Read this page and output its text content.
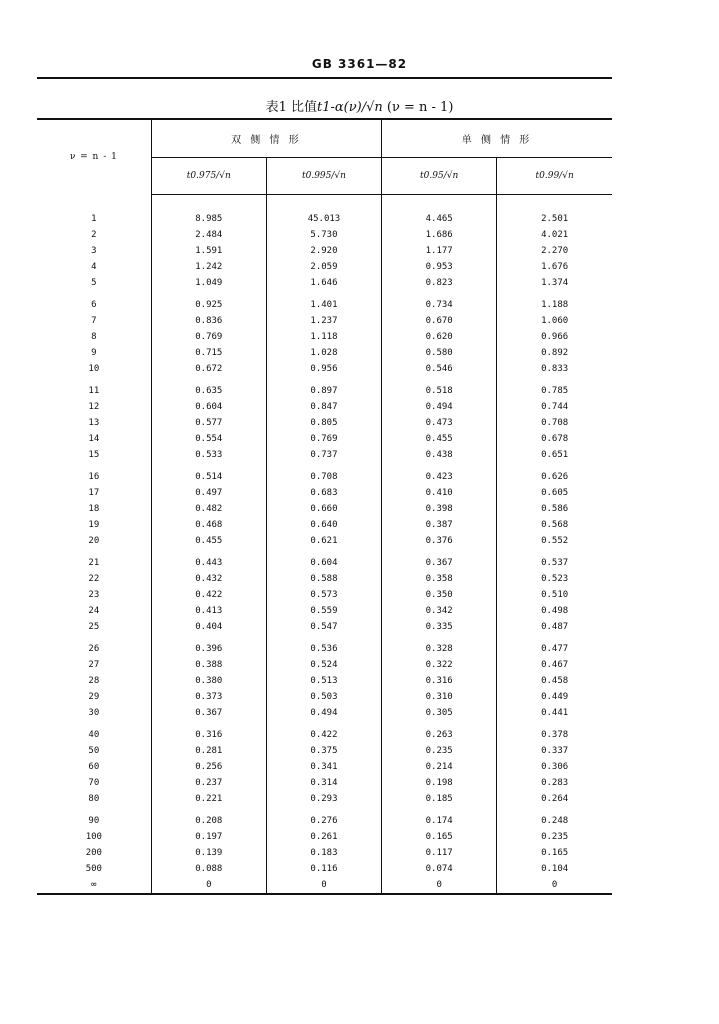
GB 3361—82
表1 比值t1-α(ν)/√n (ν = n - 1)
ν = n - 1	双 侧 情 形		单 侧 情 形	
	t0.975/√n	t0.995/√n	t0.95/√n	t0.99/√n

1	8.985	45.013	4.465	2.501
2	2.484	5.730	1.686	4.021
3	1.591	2.920	1.177	2.270
4	1.242	2.059	0.953	1.676
5	1.049	1.646	0.823	1.374
6	0.925	1.401	0.734	1.188
7	0.836	1.237	0.670	1.060
8	0.769	1.118	0.620	0.966
9	0.715	1.028	0.580	0.892
10	0.672	0.956	0.546	0.833
11	0.635	0.897	0.518	0.785
12	0.604	0.847	0.494	0.744
13	0.577	0.805	0.473	0.708
14	0.554	0.769	0.455	0.678
15	0.533	0.737	0.438	0.651
16	0.514	0.708	0.423	0.626
17	0.497	0.683	0.410	0.605
18	0.482	0.660	0.398	0.586
19	0.468	0.640	0.387	0.568
20	0.455	0.621	0.376	0.552
21	0.443	0.604	0.367	0.537
22	0.432	0.588	0.358	0.523
23	0.422	0.573	0.350	0.510
24	0.413	0.559	0.342	0.498
25	0.404	0.547	0.335	0.487
26	0.396	0.536	0.328	0.477
27	0.388	0.524	0.322	0.467
28	0.380	0.513	0.316	0.458
29	0.373	0.503	0.310	0.449
30	0.367	0.494	0.305	0.441
40	0.316	0.422	0.263	0.378
50	0.281	0.375	0.235	0.337
60	0.256	0.341	0.214	0.306
70	0.237	0.314	0.198	0.283
80	0.221	0.293	0.185	0.264
90	0.208	0.276	0.174	0.248
100	0.197	0.261	0.165	0.235
200	0.139	0.183	0.117	0.165
500	0.088	0.116	0.074	0.104
∞	0	0	0	0
